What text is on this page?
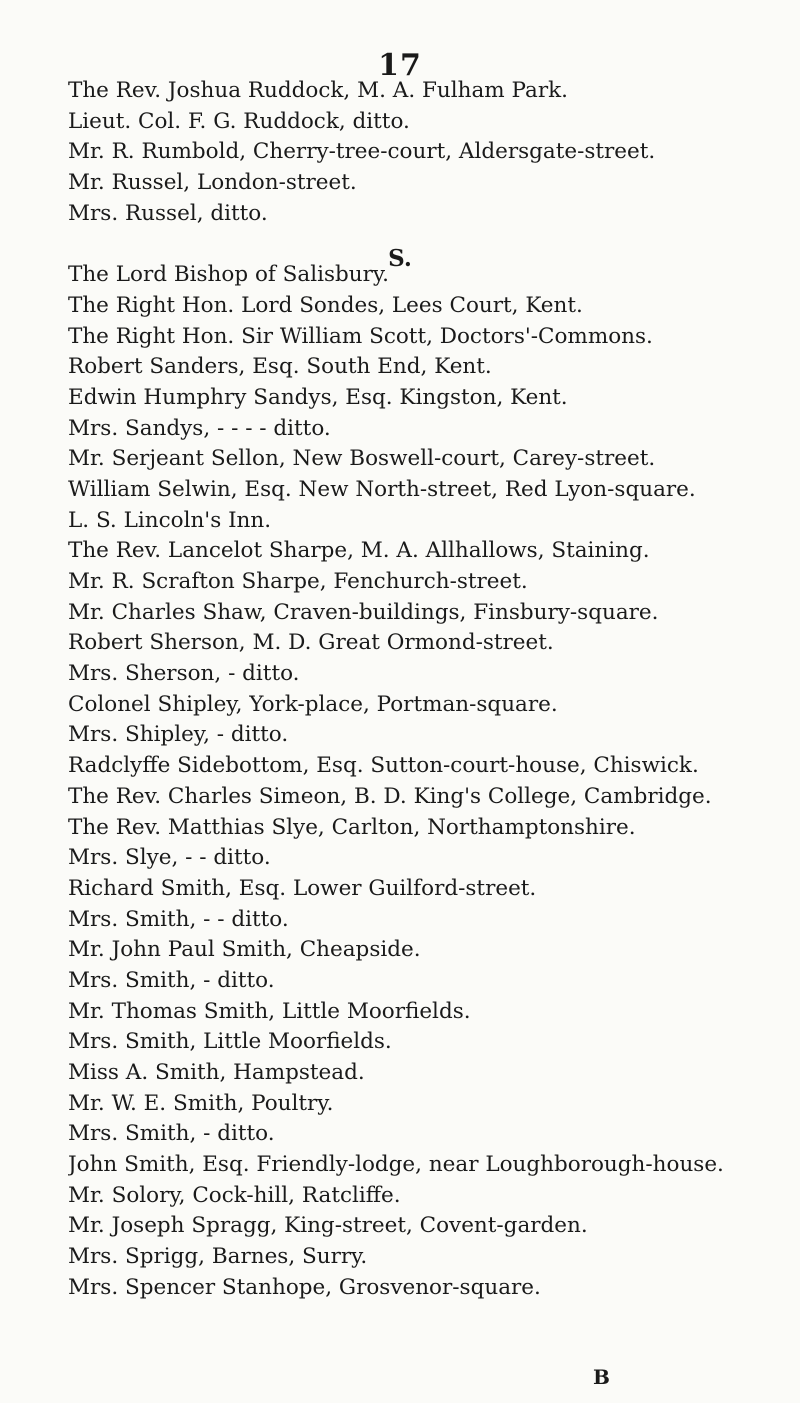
17
The Rev. Joshua Ruddock, M. A. Fulham Park.
Lieut. Col. F. G. Ruddock, ditto.
Mr. R. Rumbold, Cherry-tree-court, Aldersgate-street.
Mr. Russel, London-street.
Mrs. Russel, ditto.
The Lord Bishop of Salisbury.
The Right Hon. Lord Sondes, Lees Court, Kent.
The Right Hon. Sir William Scott, Doctors'-Commons.
Robert Sanders, Esq. South End, Kent.
Edwin Humphry Sandys, Esq. Kingston, Kent.
Mrs. Sandys, - - - - ditto.
Mr. Serjeant Sellon, New Boswell-court, Carey-street.
William Selwin, Esq. New North-street, Red Lyon-square.
L. S. Lincoln's Inn.
The Rev. Lancelot Sharpe, M. A. Allhallows, Staining.
Mr. R. Scrafton Sharpe, Fenchurch-street.
Mr. Charles Shaw, Craven-buildings, Finsbury-square.
Robert Sherson, M. D. Great Ormond-street.
Mrs. Sherson, - ditto.
Colonel Shipley, York-place, Portman-square.
Mrs. Shipley, - ditto.
Radclyffe Sidebottom, Esq. Sutton-court-house, Chiswick.
The Rev. Charles Simeon, B. D. King's College, Cambridge.
The Rev. Matthias Slye, Carlton, Northamptonshire.
Mrs. Slye, - - ditto.
Richard Smith, Esq. Lower Guilford-street.
Mrs. Smith, - - ditto.
Mr. John Paul Smith, Cheapside.
Mrs. Smith, - ditto.
Mr. Thomas Smith, Little Moorfields.
Mrs. Smith, Little Moorfields.
Miss A. Smith, Hampstead.
Mr. W. E. Smith, Poultry.
Mrs. Smith, - ditto.
John Smith, Esq. Friendly-lodge, near Loughborough-house.
Mr. Solory, Cock-hill, Ratcliffe.
Mr. Joseph Spragg, King-street, Covent-garden.
Mrs. Sprigg, Barnes, Surry.
Mrs. Spencer Stanhope, Grosvenor-square.
S.
B
